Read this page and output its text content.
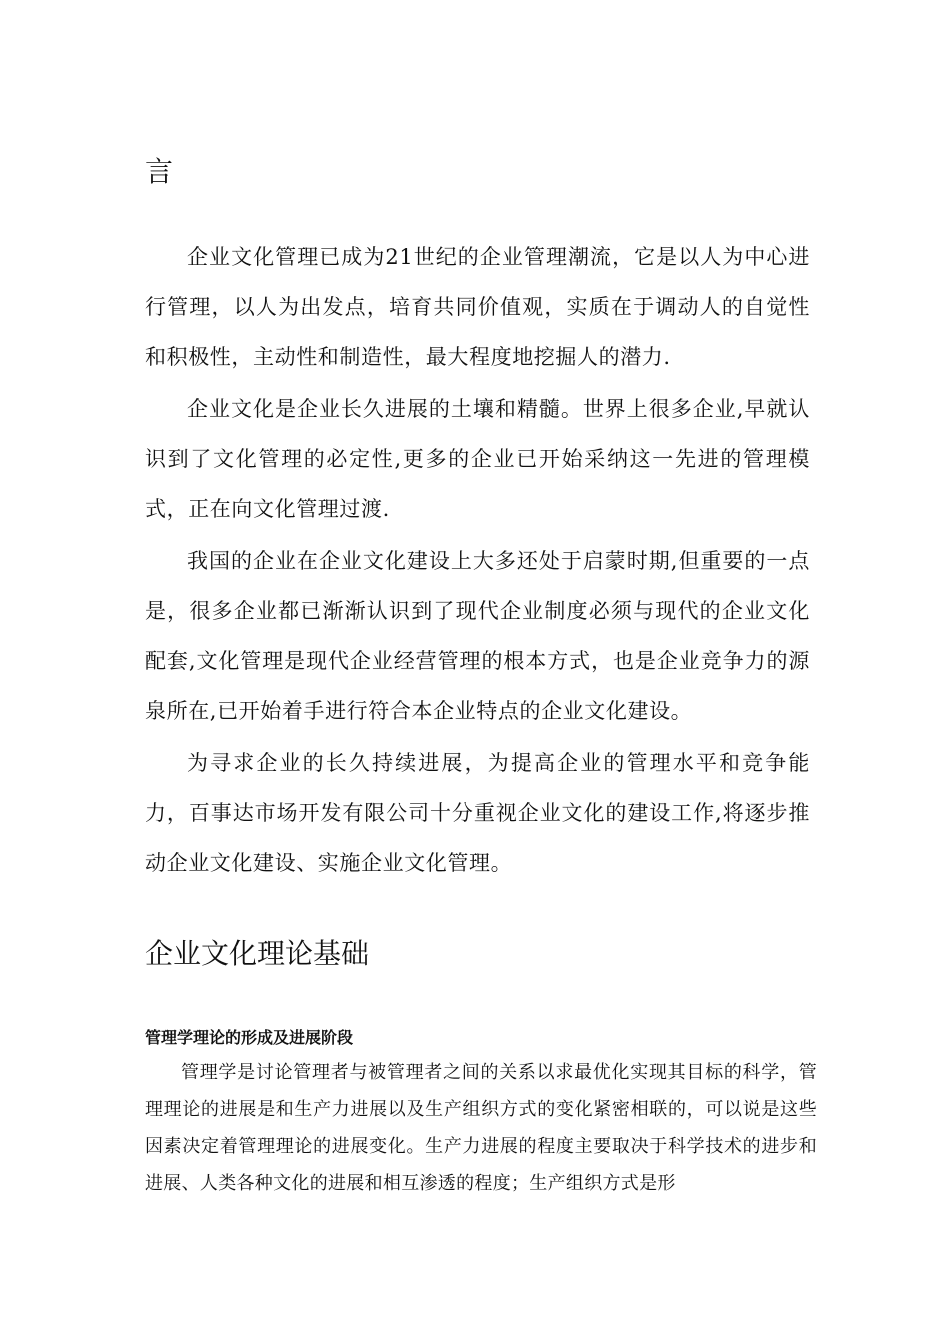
言

企业文化管理已成为21世纪的企业管理潮流，它是以人为中心进行管理，以人为出发点，培育共同价值观，实质在于调动人的自觉性和积极性，主动性和制造性，最大程度地挖掘人的潜力.

企业文化是企业长久进展的土壤和精髓。世界上很多企业,早就认识到了文化管理的必定性,更多的企业已开始采纳这一先进的管理模式，正在向文化管理过渡.

我国的企业在企业文化建设上大多还处于启蒙时期,但重要的一点是，很多企业都已渐渐认识到了现代企业制度必须与现代的企业文化配套,文化管理是现代企业经营管理的根本方式，也是企业竞争力的源泉所在,已开始着手进行符合本企业特点的企业文化建设。

为寻求企业的长久持续进展，为提高企业的管理水平和竞争能力，百事达市场开发有限公司十分重视企业文化的建设工作,将逐步推动企业文化建设、实施企业文化管理。

企业文化理论基础
管理学理论的形成及进展阶段

管理学是讨论管理者与被管理者之间的关系以求最优化实现其目标的科学，管理理论的进展是和生产力进展以及生产组织方式的变化紧密相联的，可以说是这些因素决定着管理理论的进展变化。生产力进展的程度主要取决于科学技术的进步和进展、人类各种文化的进展和相互渗透的程度；生产组织方式是形
